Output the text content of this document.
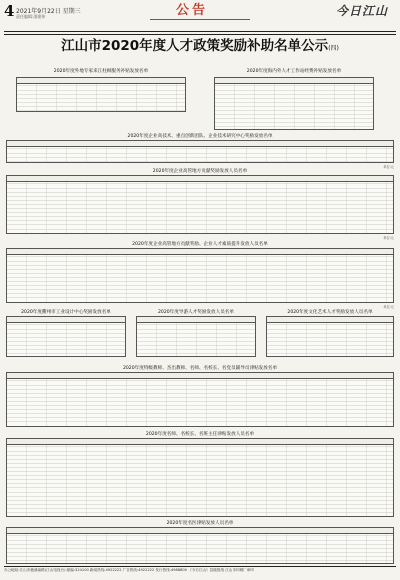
4 2021年9月22日 星期三
责任编辑:邵建伟	公告	今日江山
江山市2020年度人才政策奖励补助名单公示(四)
2020年度外地专家来江柱顾服务补贴发放名单	2020年度海内外人才工作站经费补贴发放名单
2020年度企业高技术、重点创新团队、企业技术研究中心奖励发放名单
单位:元
2020年度企业高管地方贡献奖励发放人员名单
单位:元
2020年度企业高管地方贡献奖励、企业人才素质提升发放人员名单
单位:元
2020年度衢州市工业设计中心奖励发放名单	2020年度导游人才奖励发放人员名单	2020年度文化艺术人才奖励发放人员名单
2020年度特级教师、杰出教师、名师、名校长、名党员辅导员津贴发放名单
2020年度名师、名校长、名班主任津贴发放人员名单
2020年度名医津贴发放人员名单
办公地址:江山市鹿溪南路(江山电视台) 邮编:324100 新闻热线:4922222 广告热线:4922222 发行热线:4988800 《今日江山》县级报纸 江山市印刷厂承印
